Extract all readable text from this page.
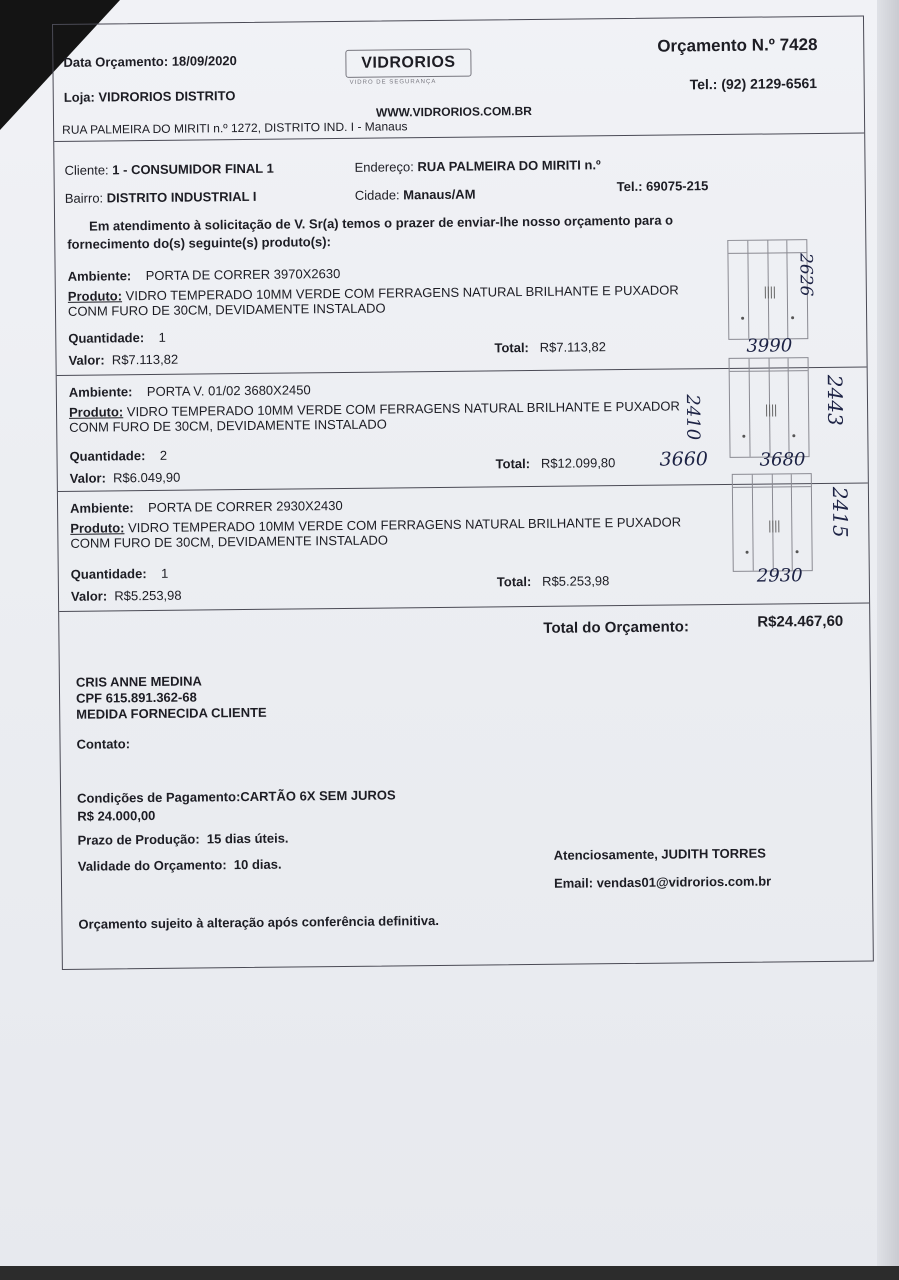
Data Orçamento: 18/09/2020
Loja: VIDRORIOS DISTRITO
RUA PALMEIRA DO MIRITI n.º 1272, DISTRITO IND. I - Manaus
VIDRORIOS
VIDRO DE SEGURANÇA
WWW.VIDRORIOS.COM.BR
Orçamento N.º 7428
Tel.: (92) 2129-6561
Cliente: 1 - CONSUMIDOR FINAL 1	Endereço: RUA PALMEIRA DO MIRITI n.º
Bairro: DISTRITO INDUSTRIAL I	Cidade: Manaus/AM
Tel.: 69075-215
Em atendimento à solicitação de V. Sr(a) temos o prazer de enviar-lhe nosso orçamento para o
fornecimento do(s) seguinte(s) produto(s):
Ambiente: PORTA DE CORRER 3970X2630
Produto: VIDRO TEMPERADO 10MM VERDE COM FERRAGENS NATURAL BRILHANTE E PUXADOR CONM FURO DE 30CM, DEVIDAMENTE INSTALADO
Quantidade: 1
Valor: R$7.113,82
Total: R$7.113,82
2626
3990
Ambiente: PORTA V. 01/02 3680X2450
Produto: VIDRO TEMPERADO 10MM VERDE COM FERRAGENS NATURAL BRILHANTE E PUXADOR CONM FURO DE 30CM, DEVIDAMENTE INSTALADO
Quantidade: 2
Valor: R$6.049,90
Total: R$12.099,80
2443
2410
3660	3680
Ambiente: PORTA DE CORRER 2930X2430
Produto: VIDRO TEMPERADO 10MM VERDE COM FERRAGENS NATURAL BRILHANTE E PUXADOR CONM FURO DE 30CM, DEVIDAMENTE INSTALADO
Quantidade: 1
Valor: R$5.253,98
Total: R$5.253,98
2415
2930
Total do Orçamento:	R$24.467,60
CRIS ANNE MEDINA
CPF 615.891.362-68
MEDIDA FORNECIDA CLIENTE
Contato:
Condições de Pagamento:CARTÃO 6X SEM JUROS
R$ 24.000,00
Prazo de Produção: 15 dias úteis.
Validade do Orçamento: 10 dias.
Atenciosamente, JUDITH TORRES
Email: vendas01@vidrorios.com.br
Orçamento sujeito à alteração após conferência definitiva.
